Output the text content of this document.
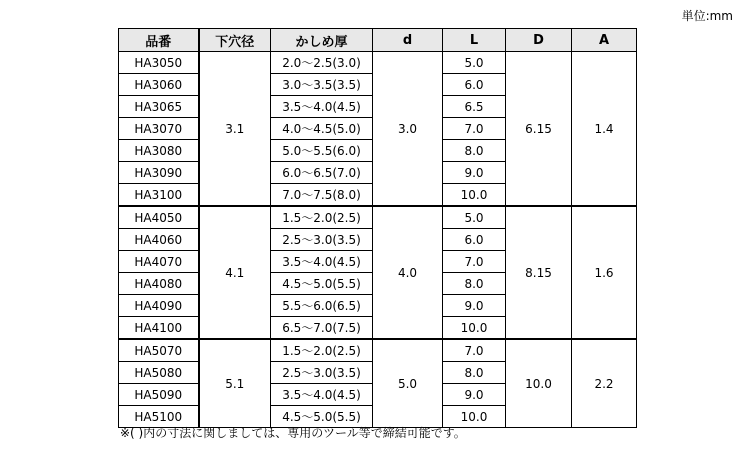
単位:mm
品番	下穴径	かしめ厚	d	L	D	A
HA3050	3.1	2.0～2.5(3.0)	3.0	5.0	6.15	1.4
HA3060		3.0～3.5(3.5)		6.0		
HA3065		3.5～4.0(4.5)		6.5		
HA3070		4.0～4.5(5.0)		7.0		
HA3080		5.0～5.5(6.0)		8.0		
HA3090		6.0～6.5(7.0)		9.0		
HA3100		7.0～7.5(8.0)		10.0		
HA4050	4.1	1.5～2.0(2.5)	4.0	5.0	8.15	1.6
HA4060		2.5～3.0(3.5)		6.0		
HA4070		3.5～4.0(4.5)		7.0		
HA4080		4.5～5.0(5.5)		8.0		
HA4090		5.5～6.0(6.5)		9.0		
HA4100		6.5～7.0(7.5)		10.0		
HA5070	5.1	1.5～2.0(2.5)	5.0	7.0	10.0	2.2
HA5080		2.5～3.0(3.5)		8.0		
HA5090		3.5～4.0(4.5)		9.0		
HA5100		4.5～5.0(5.5)		10.0		
※( )内の寸法に関しましては、専用のツール等で締結可能です。
